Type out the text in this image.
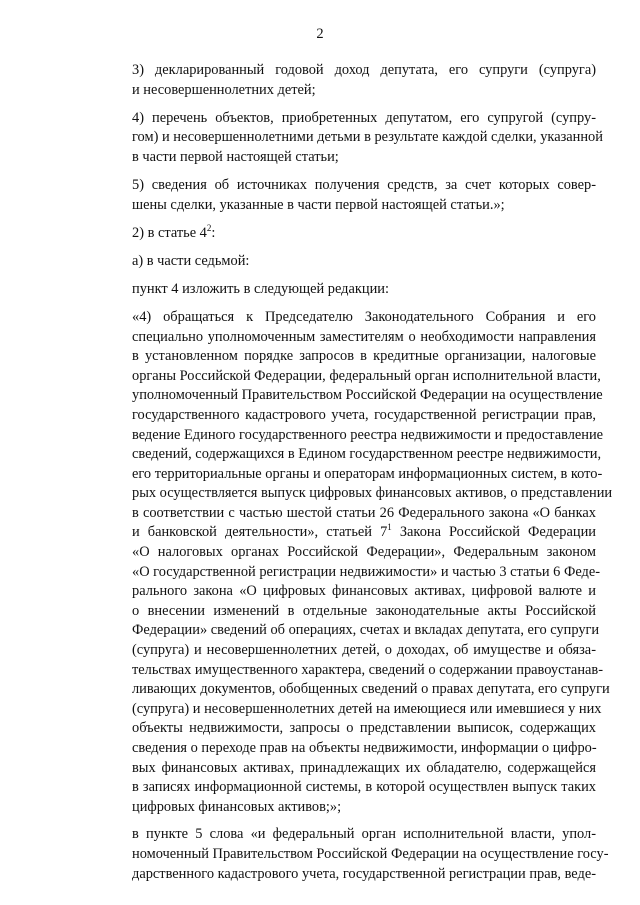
2
3) декларированный годовой доход депутата, его супруги (супруга)
и несовершеннолетних детей;
4) перечень объектов, приобретенных депутатом, его супругой (супру-
гом) и несовершеннолетними детьми в результате каждой сделки, указанной
в части первой настоящей статьи;
5) сведения об источниках получения средств, за счет которых совер-
шены сделки, указанные в части первой настоящей статьи.»;
2) в статье $4^2$:
а) в части седьмой:
пункт 4 изложить в следующей редакции:
«4) обращаться к Председателю Законодательного Собрания и его
специально уполномоченным заместителям о необходимости направления
в установленном порядке запросов в кредитные организации, налоговые
органы Российской Федерации, федеральный орган исполнительной власти,
уполномоченный Правительством Российской Федерации на осуществление
государственного кадастрового учета, государственной регистрации прав,
ведение Единого государственного реестра недвижимости и предоставление
сведений, содержащихся в Едином государственном реестре недвижимости,
его территориальные органы и операторам информационных систем, в кото-
рых осуществляется выпуск цифровых финансовых активов, о представлении
в соответствии с частью шестой статьи 26 Федерального закона «О банках
и банковской деятельности», статьей $7^1$ Закона Российской Федерации
«О налоговых органах Российской Федерации», Федеральным законом
«О государственной регистрации недвижимости» и частью 3 статьи 6 Феде-
рального закона «О цифровых финансовых активах, цифровой валюте и
о внесении изменений в отдельные законодательные акты Российской
Федерации» сведений об операциях, счетах и вкладах депутата, его супруги
(супруга) и несовершеннолетних детей, о доходах, об имуществе и обяза-
тельствах имущественного характера, сведений о содержании правоустанав-
ливающих документов, обобщенных сведений о правах депутата, его супруги
(супруга) и несовершеннолетних детей на имеющиеся или имевшиеся у них
объекты недвижимости, запросы о представлении выписок, содержащих
сведения о переходе прав на объекты недвижимости, информации о цифро-
вых финансовых активах, принадлежащих их обладателю, содержащейся
в записях информационной системы, в которой осуществлен выпуск таких
цифровых финансовых активов;»;
в пункте 5 слова «и федеральный орган исполнительной власти, упол-
номоченный Правительством Российской Федерации на осуществление госу-
дарственного кадастрового учета, государственной регистрации прав, веде-
